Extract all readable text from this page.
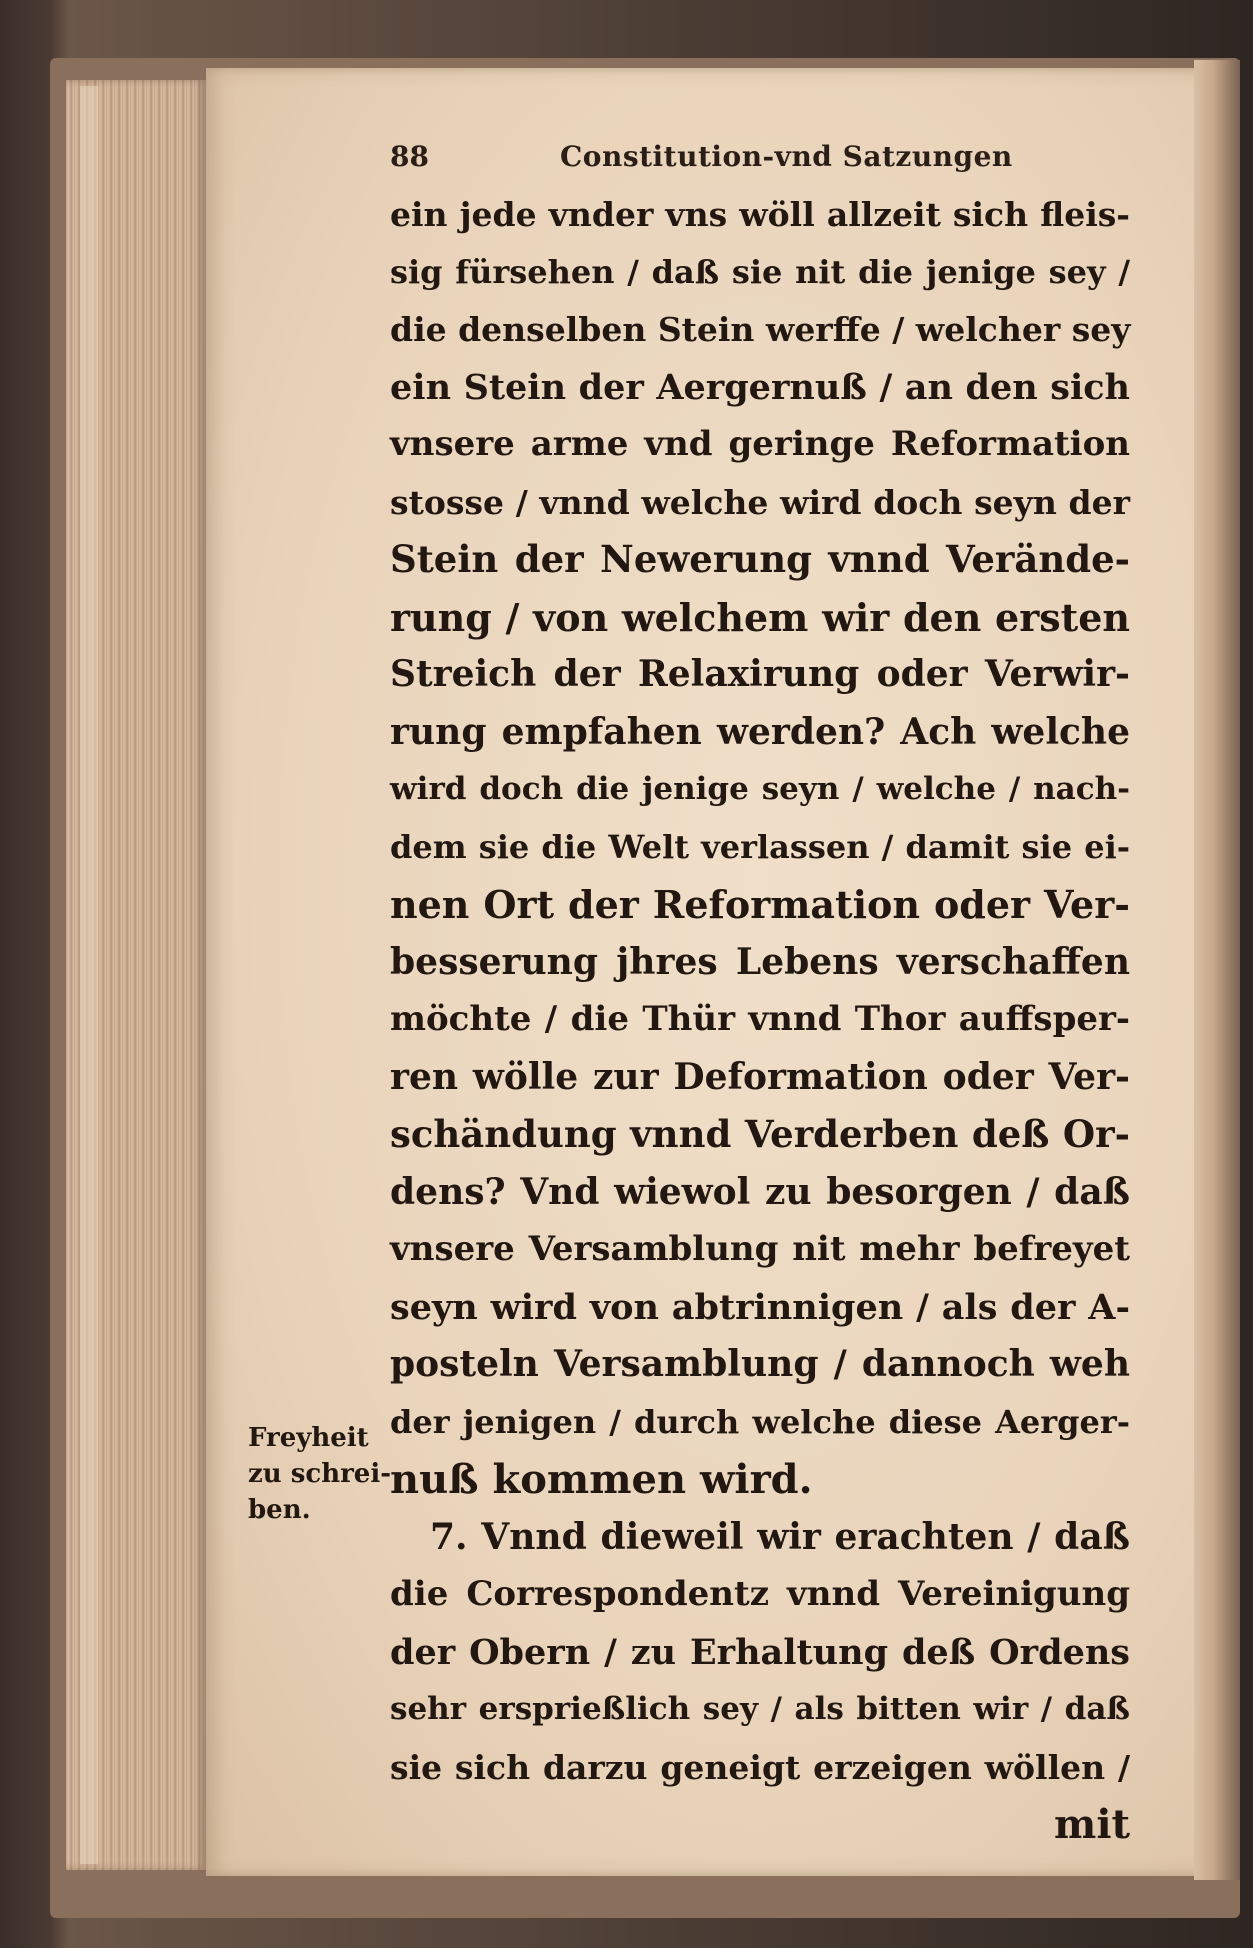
88	Constitution-vnd Satzungen
Freyheit
zu schrei-
ben.
ein jede vnder vns wöll allzeit sich fleis-
sig fürsehen / daß sie nit die jenige sey /
die denselben Stein werffe / welcher sey
ein Stein der Aergernuß / an den sich
vnsere arme vnd geringe Reformation
stosse / vnnd welche wird doch seyn der
Stein der Newerung vnnd Verände-
rung / von welchem wir den ersten
Streich der Relaxirung oder Verwir-
rung empfahen werden? Ach welche
wird doch die jenige seyn / welche / nach-
dem sie die Welt verlassen / damit sie ei-
nen Ort der Reformation oder Ver-
besserung jhres Lebens verschaffen
möchte / die Thür vnnd Thor auffsper-
ren wölle zur Deformation oder Ver-
schändung vnnd Verderben deß Or-
dens? Vnd wiewol zu besorgen / daß
vnsere Versamblung nit mehr befreyet
seyn wird von abtrinnigen / als der A-
posteln Versamblung / dannoch weh
der jenigen / durch welche diese Aerger-
nuß kommen wird.
7. Vnnd dieweil wir erachten / daß
die Correspondentz vnnd Vereinigung
der Obern / zu Erhaltung deß Ordens
sehr ersprießlich sey / als bitten wir / daß
sie sich darzu geneigt erzeigen wöllen /
mit
